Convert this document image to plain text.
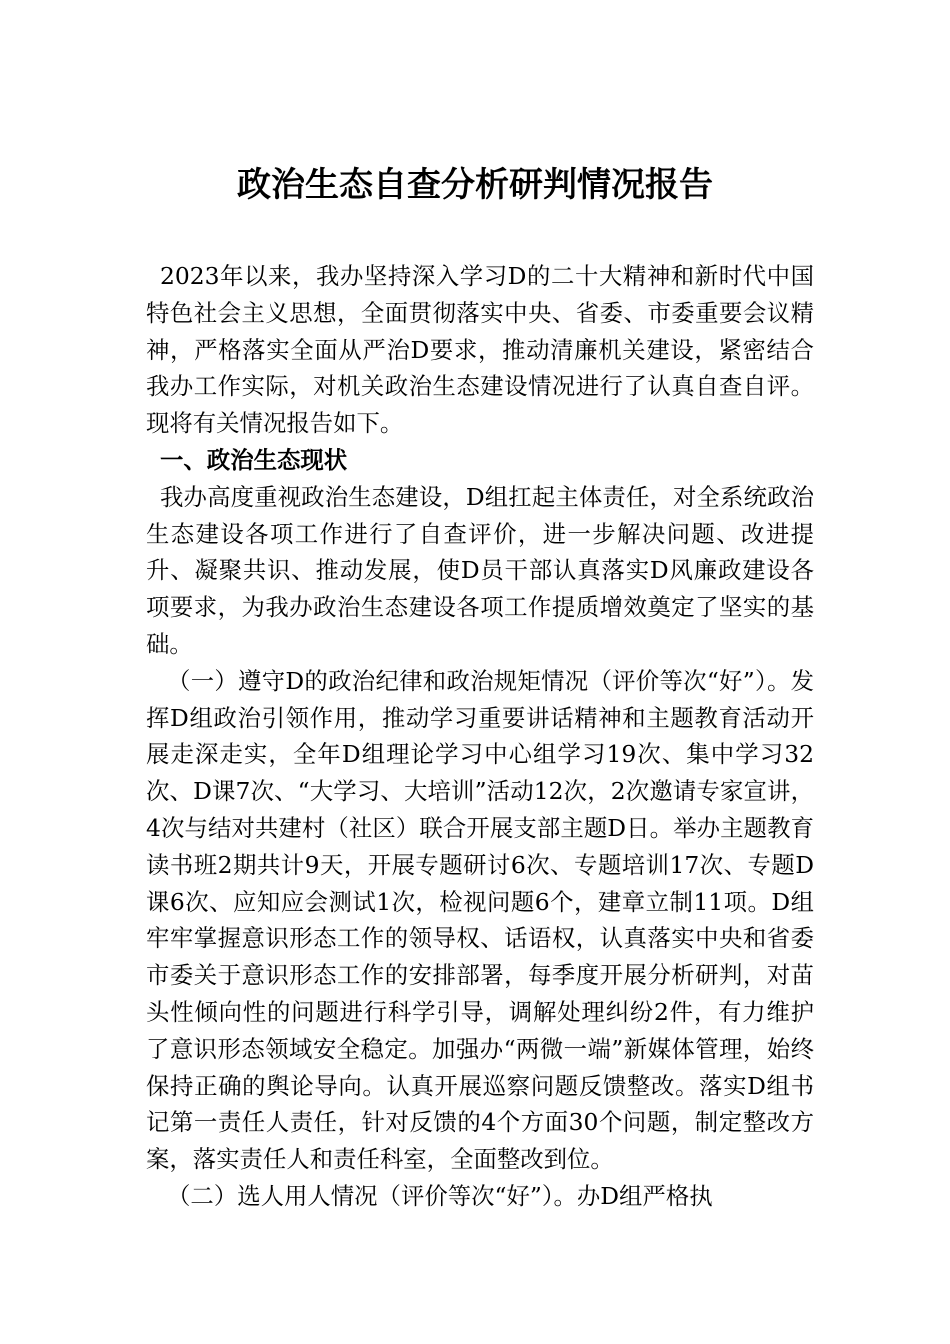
政治生态自查分析研判情况报告

2023年以来，我办坚持深入学习D的二十大精神和新时代中国特色社会主义思想，全面贯彻落实中央、省委、市委重要会议精神，严格落实全面从严治D要求，推动清廉机关建设，紧密结合我办工作实际，对机关政治生态建设情况进行了认真自查自评。现将有关情况报告如下。

一、政治生态现状

我办高度重视政治生态建设，D组扛起主体责任，对全系统政治生态建设各项工作进行了自查评价，进一步解决问题、改进提升、凝聚共识、推动发展，使D员干部认真落实D风廉政建设各项要求，为我办政治生态建设各项工作提质增效奠定了坚实的基础。

（一）遵守D的政治纪律和政治规矩情况（评价等次“好”）。发挥D组政治引领作用，推动学习重要讲话精神和主题教育活动开展走深走实，全年D组理论学习中心组学习19次、集中学习32次、D课7次、“大学习、大培训”活动12次，2次邀请专家宣讲，4次与结对共建村（社区）联合开展支部主题D日。举办主题教育读书班2期共计9天，开展专题研讨6次、专题培训17次、专题D课6次、应知应会测试1次，检视问题6个，建章立制11项。D组牢牢掌握意识形态工作的领导权、话语权，认真落实中央和省委市委关于意识形态工作的安排部署，每季度开展分析研判，对苗头性倾向性的问题进行科学引导，调解处理纠纷2件，有力维护了意识形态领域安全稳定。加强办“两微一端”新媒体管理，始终保持正确的舆论导向。认真开展巡察问题反馈整改。落实D组书记第一责任人责任，针对反馈的4个方面30个问题，制定整改方案，落实责任人和责任科室，全面整改到位。

（二）选人用人情况（评价等次“好”）。办D组严格执
